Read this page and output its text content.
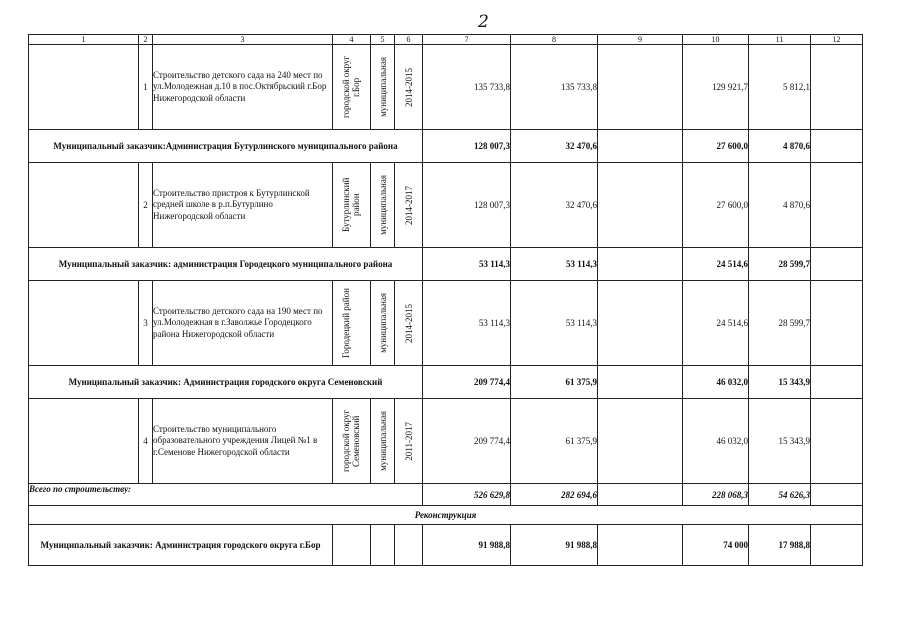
2
1	2	3	4	5	6	7	8	9	10	11	12
	1	Строительство детского сада на 240 мест по ул.Молодежная д.10 в пос.Октябрьский г.Бор Нижегородской области	городской округ г.Бор	муниципальная	2014-2015	135 733,8	135 733,8		129 921,7	5 812,1	
Муниципальный заказчик:Администрация Бутурлинского муниципального района						128 007,3	32 470,6		27 600,0	4 870,6	
	2	Строительство пристроя к Бутурлинской средней школе в р.п.Бутурлино Нижегородской области	Бутурлинский район	муниципальная	2014-2017	128 007,3	32 470,6		27 600,0	4 870,6	
Муниципальный заказчик: администрация Городецкого муниципального района						53 114,3	53 114,3		24 514,6	28 599,7	
	3	Строительство детского сада на 190 мест по ул.Молодежная в г.Заволжье Городецкого района Нижегородской области	Городецкий район	муниципальная	2014-2015	53 114,3	53 114,3		24 514,6	28 599,7	
Муниципальный заказчик: Администрация городского округа Семеновский						209 774,4	61 375,9		46 032,0	15 343,9	
	4	Строительство муниципального образовательного учреждения Лицей №1 в г.Семенове Нижегородской области	городской округ Семеновский	муниципальная	2011-2017	209 774,4	61 375,9		46 032,0	15 343,9	
Всего по строительству:						526 629,8	282 694,6		228 068,3	54 626,3	
Реконструкция											
Муниципальный заказчик: Администрация городского округа г.Бор						91 988,8	91 988,8		74 000	17 988,8	
